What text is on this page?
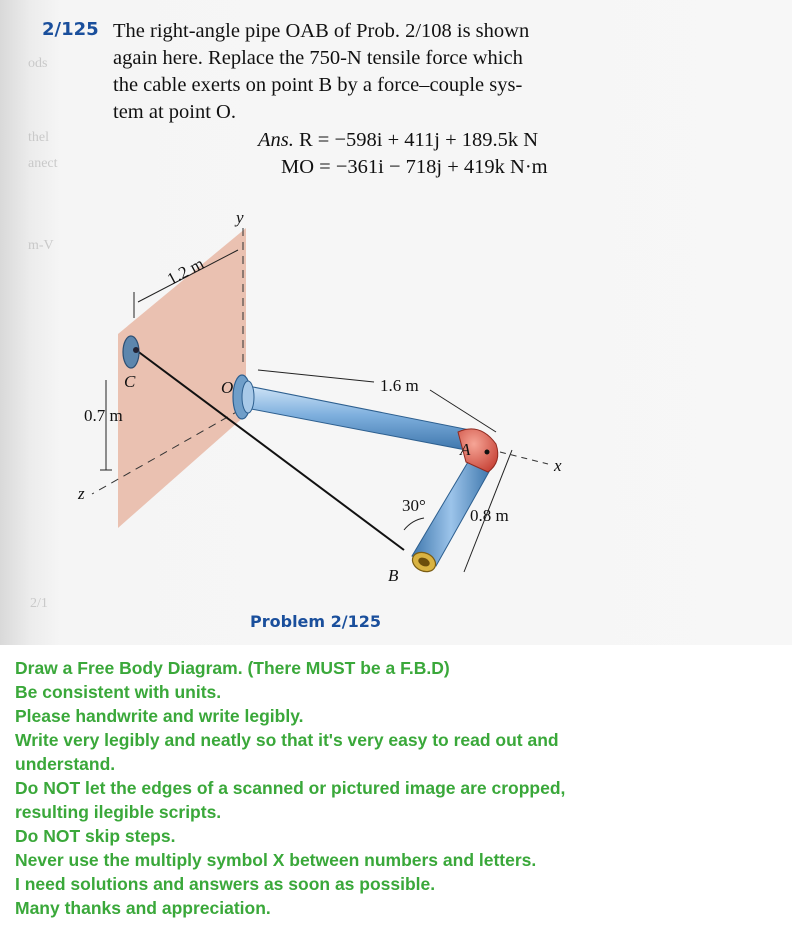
ods
thel
anect
m-V
2/1
2/125 The right-angle pipe OAB of Prob. 2/108 is shown
again here. Replace the 750-N tensile force which
the cable exerts on point B by a force–couple sys-
tem at point O.
Ans. R = −598i + 411j + 189.5k N
MO = −361i − 718j + 419k N·m
y
x
z
O
A
B
C
1.2 m
0.7 m
1.6 m
0.8 m
30°
Problem 2/125
Draw a Free Body Diagram. (There MUST be a F.B.D)
Be consistent with units.
Please handwrite and write legibly.
Write very legibly and neatly so that it's very easy to read out and
understand.
Do NOT let the edges of a scanned or pictured image are cropped,
resulting ilegible scripts.
Do NOT skip steps.
Never use the multiply symbol X between numbers and letters.
I need solutions and answers as soon as possible.
Many thanks and appreciation.
